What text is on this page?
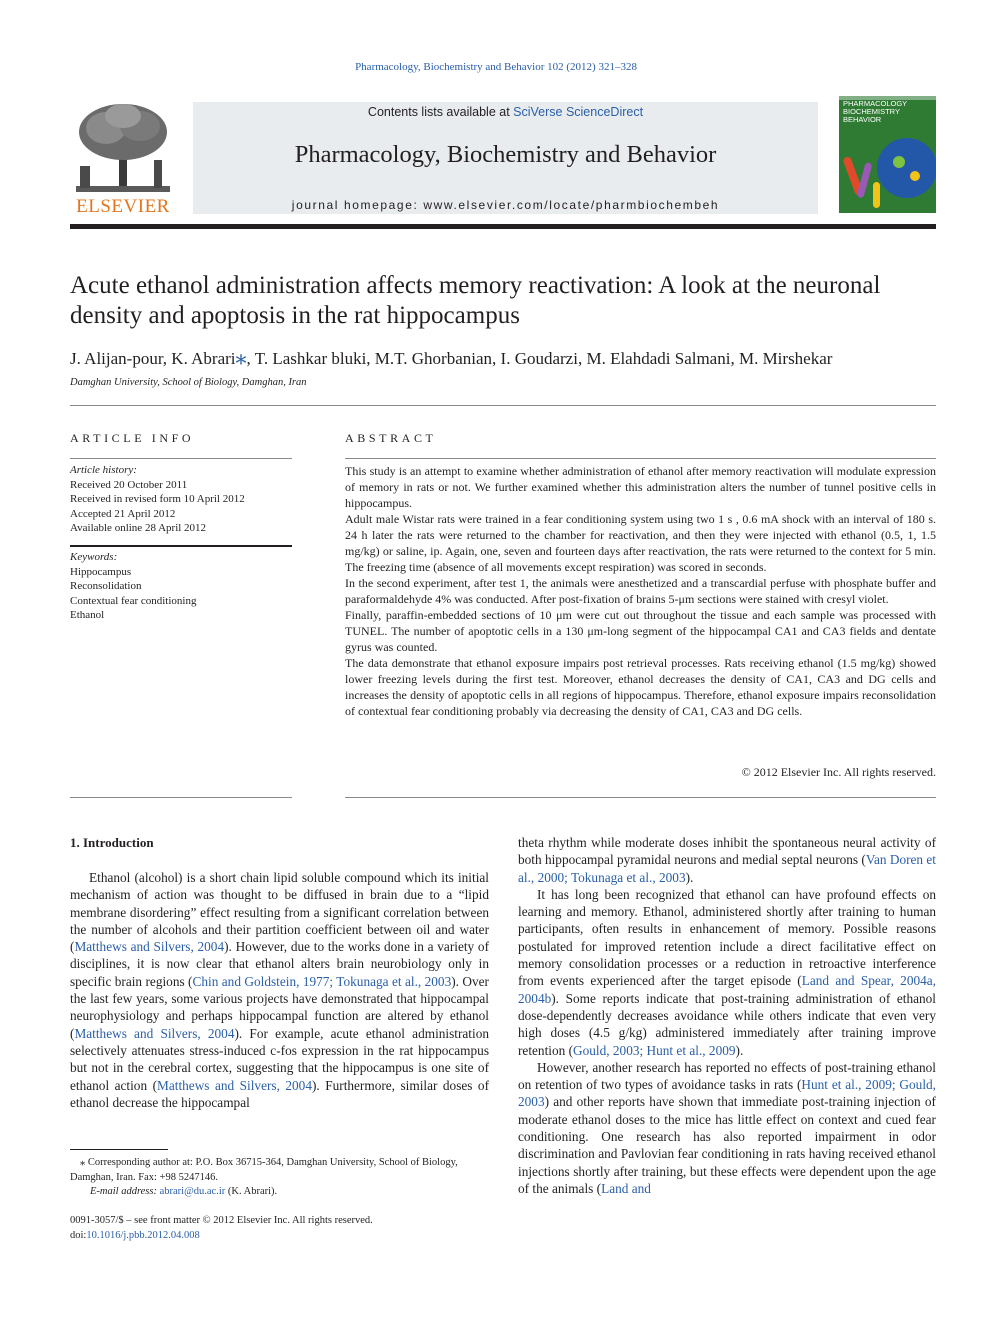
Pharmacology, Biochemistry and Behavior 102 (2012) 321–328
ELSEVIER
Contents lists available at SciVerse ScienceDirect
Pharmacology, Biochemistry and Behavior
journal homepage: www.elsevier.com/locate/pharmbiochembeh
PHARMACOLOGY BIOCHEMISTRY BEHAVIOR
Acute ethanol administration affects memory reactivation: A look at the neuronal density and apoptosis in the rat hippocampus
J. Alijan-pour, K. Abrari⁎, T. Lashkar bluki, M.T. Ghorbanian, I. Goudarzi, M. Elahdadi Salmani, M. Mirshekar
Damghan University, School of Biology, Damghan, Iran
ARTICLE INFO
Article history:
Received 20 October 2011
Received in revised form 10 April 2012
Accepted 21 April 2012
Available online 28 April 2012
Keywords:
Hippocampus
Reconsolidation
Contextual fear conditioning
Ethanol
ABSTRACT

This study is an attempt to examine whether administration of ethanol after memory reactivation will modulate expression of memory in rats or not. We further examined whether this administration alters the number of tunnel positive cells in hippocampus.

Adult male Wistar rats were trained in a fear conditioning system using two 1 s , 0.6 mA shock with an interval of 180 s. 24 h later the rats were returned to the chamber for reactivation, and then they were injected with ethanol (0.5, 1, 1.5 mg/kg) or saline, ip. Again, one, seven and fourteen days after reactivation, the rats were returned to the context for 5 min. The freezing time (absence of all movements except respiration) was scored in seconds.

In the second experiment, after test 1, the animals were anesthetized and a transcardial perfuse with phosphate buffer and paraformaldehyde 4% was conducted. After post-fixation of brains 5-μm sections were stained with cresyl violet.

Finally, paraffin-embedded sections of 10 μm were cut out throughout the tissue and each sample was processed with TUNEL. The number of apoptotic cells in a 130 μm-long segment of the hippocampal CA1 and CA3 fields and dentate gyrus was counted.

The data demonstrate that ethanol exposure impairs post retrieval processes. Rats receiving ethanol (1.5 mg/kg) showed lower freezing levels during the first test. Moreover, ethanol decreases the density of CA1, CA3 and DG cells and increases the density of apoptotic cells in all regions of hippocampus. Therefore, ethanol exposure impairs reconsolidation of contextual fear conditioning probably via decreasing the density of CA1, CA3 and DG cells.

© 2012 Elsevier Inc. All rights reserved.
1. Introduction

Ethanol (alcohol) is a short chain lipid soluble compound which its initial mechanism of action was thought to be diffused in brain due to a “lipid membrane disordering” effect resulting from a significant correlation between the number of alcohols and their partition coefficient between oil and water (Matthews and Silvers, 2004). However, due to the works done in a variety of disciplines, it is now clear that ethanol alters brain neurobiology only in specific brain regions (Chin and Goldstein, 1977; Tokunaga et al., 2003). Over the last few years, some various projects have demonstrated that hippocampal neurophysiology and perhaps hippocampal function are altered by ethanol (Matthews and Silvers, 2004). For example, acute ethanol administration selectively attenuates stress-induced c-fos expression in the rat hippocampus but not in the cerebral cortex, suggesting that the hippocampus is one site of ethanol action (Matthews and Silvers, 2004). Furthermore, similar doses of ethanol decrease the hippocampal

theta rhythm while moderate doses inhibit the spontaneous neural activity of both hippocampal pyramidal neurons and medial septal neurons (Van Doren et al., 2000; Tokunaga et al., 2003).

It has long been recognized that ethanol can have profound effects on learning and memory. Ethanol, administered shortly after training to human participants, often results in enhancement of memory. Possible reasons postulated for improved retention include a direct facilitative effect on memory consolidation processes or a reduction in retroactive interference from events experienced after the target episode (Land and Spear, 2004a, 2004b). Some reports indicate that post-training administration of ethanol dose-dependently decreases avoidance while others indicate that even very high doses (4.5 g/kg) administered immediately after training improve retention (Gould, 2003; Hunt et al., 2009).

However, another research has reported no effects of post-training ethanol on retention of two types of avoidance tasks in rats (Hunt et al., 2009; Gould, 2003) and other reports have shown that immediate post-training injection of moderate ethanol doses to the mice has little effect on context and cued fear conditioning. One research has also reported impairment in odor discrimination and Pavlovian fear conditioning in rats having received ethanol injections shortly after training, but these effects were dependent upon the age of the animals (Land and

⁎ Corresponding author at: P.O. Box 36715-364, Damghan University, School of Biology, Damghan, Iran. Fax: +98 5247146.

E-mail address: abrari@du.ac.ir (K. Abrari).

0091-3057/$ – see front matter © 2012 Elsevier Inc. All rights reserved.
doi:10.1016/j.pbb.2012.04.008
